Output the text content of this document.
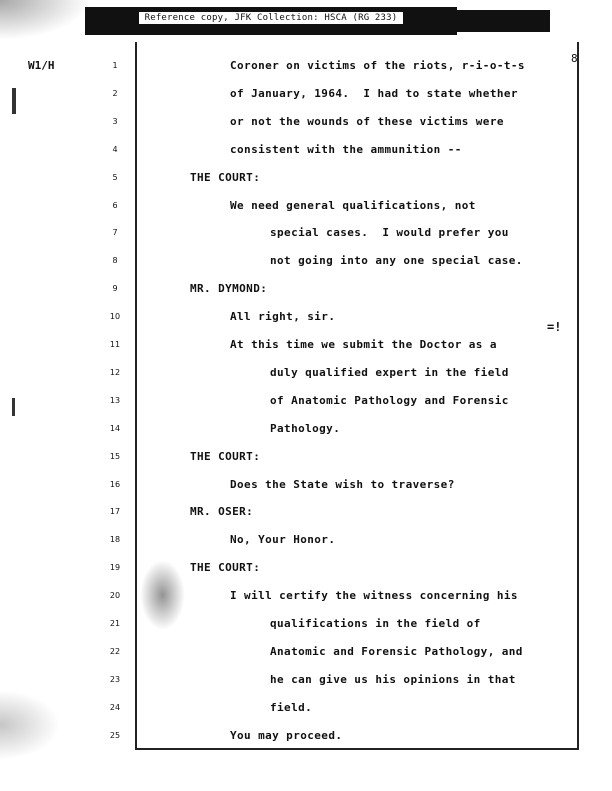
Reference copy, JFK Collection: HSCA (RG 233)
W1/H
8
=!
1	Coroner on victims of the riots, r-i-o-t-s
2	of January, 1964.  I had to state whether
3	or not the wounds of these victims were
4	consistent with the ammunition --
5	THE COURT:
6	We need general qualifications, not
7	special cases.  I would prefer you
8	not going into any one special case.
9	MR. DYMOND:
10	All right, sir.
11	At this time we submit the Doctor as a
12	duly qualified expert in the field
13	of Anatomic Pathology and Forensic
14	Pathology.
15	THE COURT:
16	Does the State wish to traverse?
17	MR. OSER:
18	No, Your Honor.
19	THE COURT:
20	I will certify the witness concerning his
21	qualifications in the field of
22	Anatomic and Forensic Pathology, and
23	he can give us his opinions in that
24	field.
25	You may proceed.
